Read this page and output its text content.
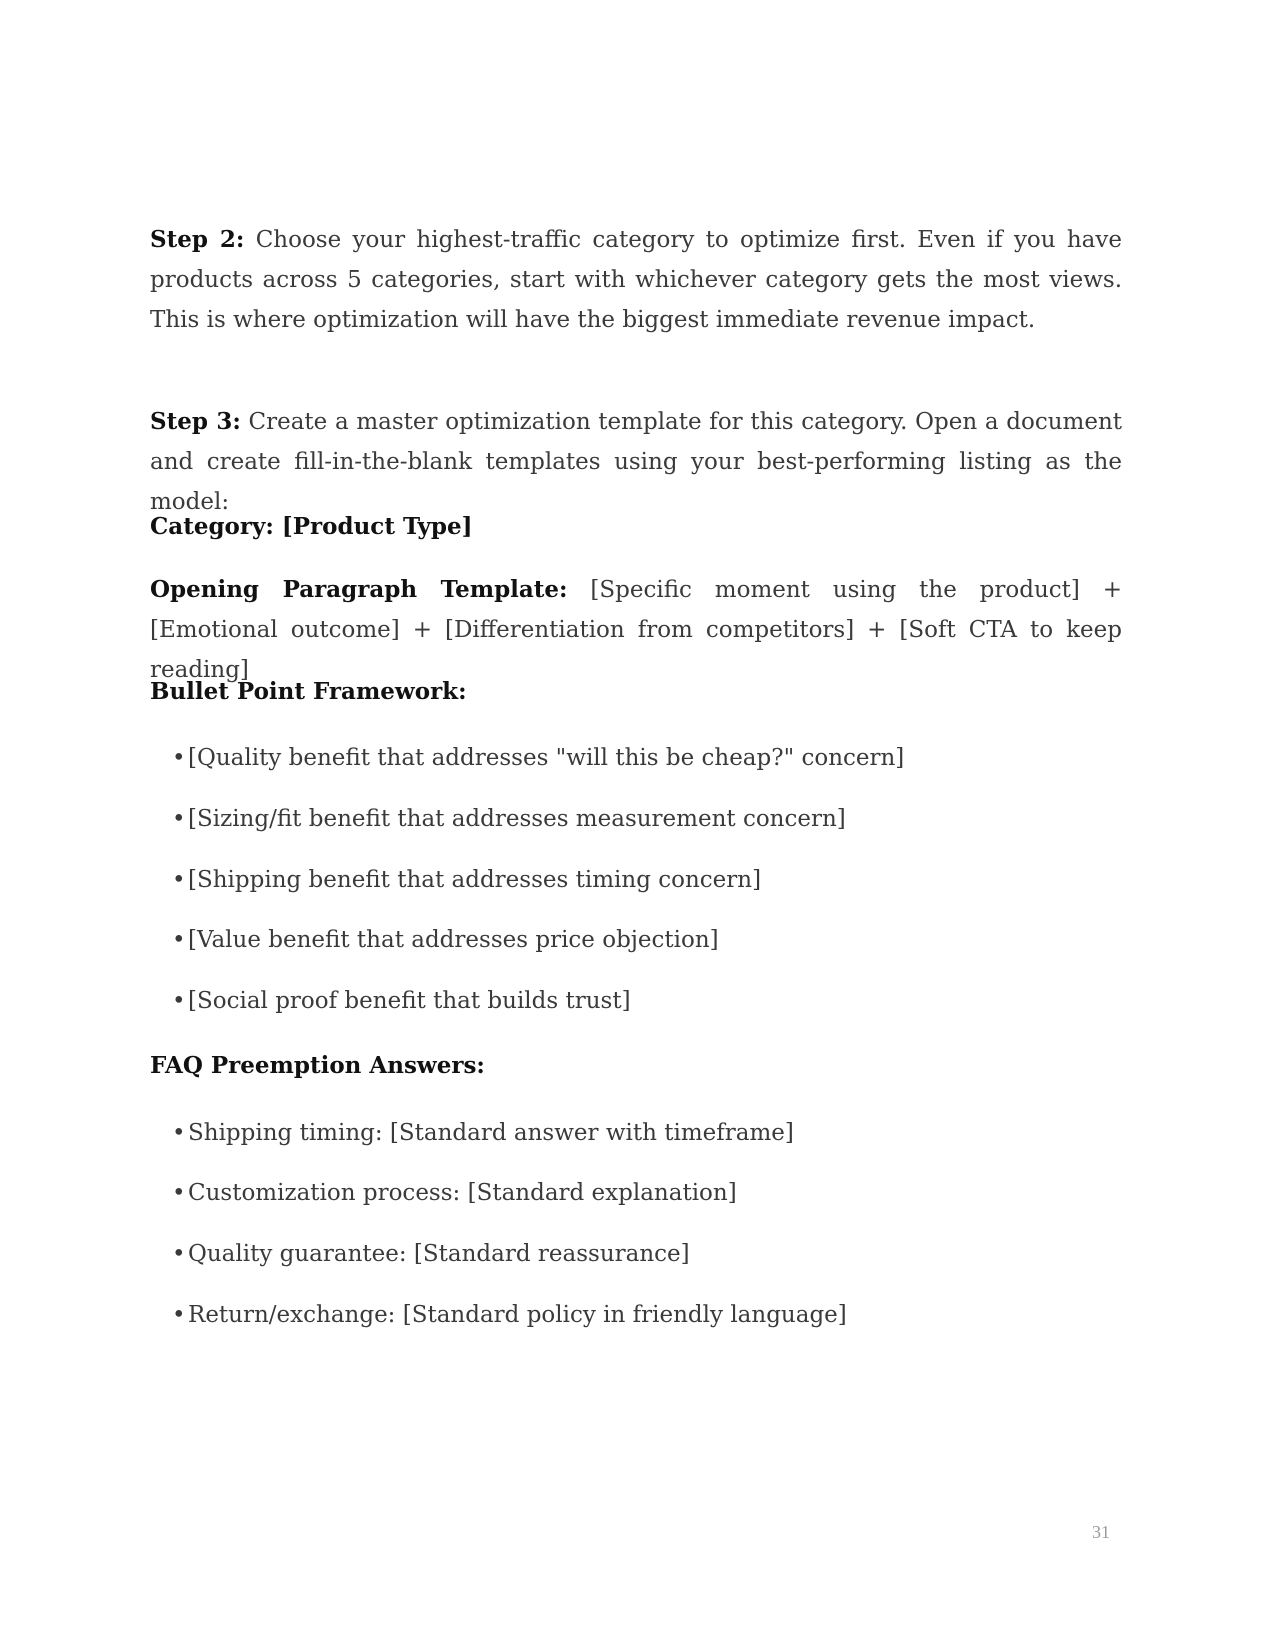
Step 2: Choose your highest-traffic category to optimize first. Even if you have products across 5 categories, start with whichever category gets the most views. This is where optimization will have the biggest immediate revenue impact.
Step 3: Create a master optimization template for this category. Open a document and create fill-in-the-blank templates using your best-performing listing as the model:
Category: [Product Type]
Opening Paragraph Template: [Specific moment using the product] + [Emotional outcome] + [Differentiation from competitors] + [Soft CTA to keep reading]
Bullet Point Framework:
• [Quality benefit that addresses "will this be cheap?" concern]
• [Sizing/fit benefit that addresses measurement concern]
• [Shipping benefit that addresses timing concern]
• [Value benefit that addresses price objection]
• [Social proof benefit that builds trust]
FAQ Preemption Answers:
• Shipping timing: [Standard answer with timeframe]
• Customization process: [Standard explanation]
• Quality guarantee: [Standard reassurance]
• Return/exchange: [Standard policy in friendly language]
31
